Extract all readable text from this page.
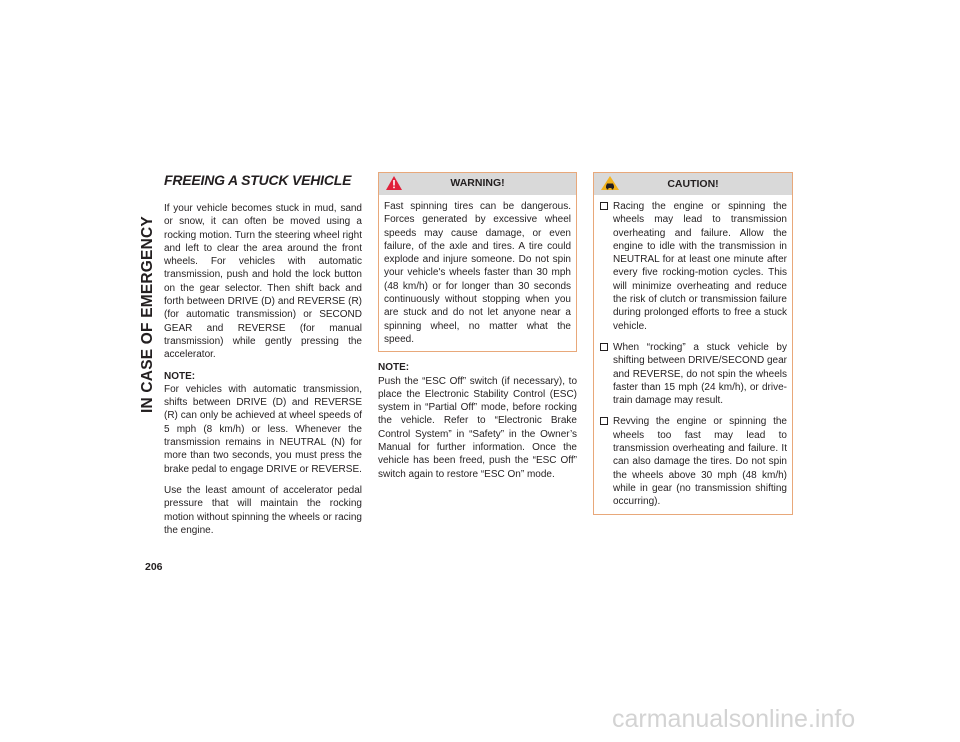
IN CASE OF EMERGENCY
206
FREEING A STUCK VEHICLE

If your vehicle becomes stuck in mud, sand or snow, it can often be moved using a rocking motion. Turn the steering wheel right and left to clear the area around the front wheels. For vehicles with automatic transmission, push and hold the lock button on the gear selector. Then shift back and forth between DRIVE (D) and REVERSE (R) (for automatic transmission) or SECOND GEAR and REVERSE (for manual transmission) while gently pressing the accelerator.

NOTE:
For vehicles with automatic transmission, shifts between DRIVE (D) and REVERSE (R) can only be achieved at wheel speeds of 5 mph (8 km/h) or less. Whenever the transmission remains in NEUTRAL (N) for more than two seconds, you must press the brake pedal to engage DRIVE or REVERSE.

Use the least amount of accelerator pedal pressure that will maintain the rocking motion without spinning the wheels or racing the engine.

WARNING!

Fast spinning tires can be dangerous. Forces generated by excessive wheel speeds may cause damage, or even failure, of the axle and tires. A tire could explode and injure someone. Do not spin your vehicle's wheels faster than 30 mph (48 km/h) or for longer than 30 seconds continuously without stopping when you are stuck and do not let anyone near a spinning wheel, no matter what the speed.

NOTE:
Push the “ESC Off” switch (if necessary), to place the Electronic Stability Control (ESC) system in “Partial Off” mode, before rocking the vehicle. Refer to “Electronic Brake Control System” in “Safety” in the Owner’s Manual for further information. Once the vehicle has been freed, push the “ESC Off” switch again to restore “ESC On” mode.

CAUTION!
Racing the engine or spinning the wheels may lead to transmission overheating and failure. Allow the engine to idle with the transmission in NEUTRAL for at least one minute after every five rocking-motion cycles. This will minimize overheating and reduce the risk of clutch or transmission failure during prolonged efforts to free a stuck vehicle.
When “rocking” a stuck vehicle by shifting between DRIVE/SECOND gear and REVERSE, do not spin the wheels faster than 15 mph (24 km/h), or drive-train damage may result.
Revving the engine or spinning the wheels too fast may lead to transmission overheating and failure. It can also damage the tires. Do not spin the wheels above 30 mph (48 km/h) while in gear (no transmission shifting occurring).
carmanualsonline.info
